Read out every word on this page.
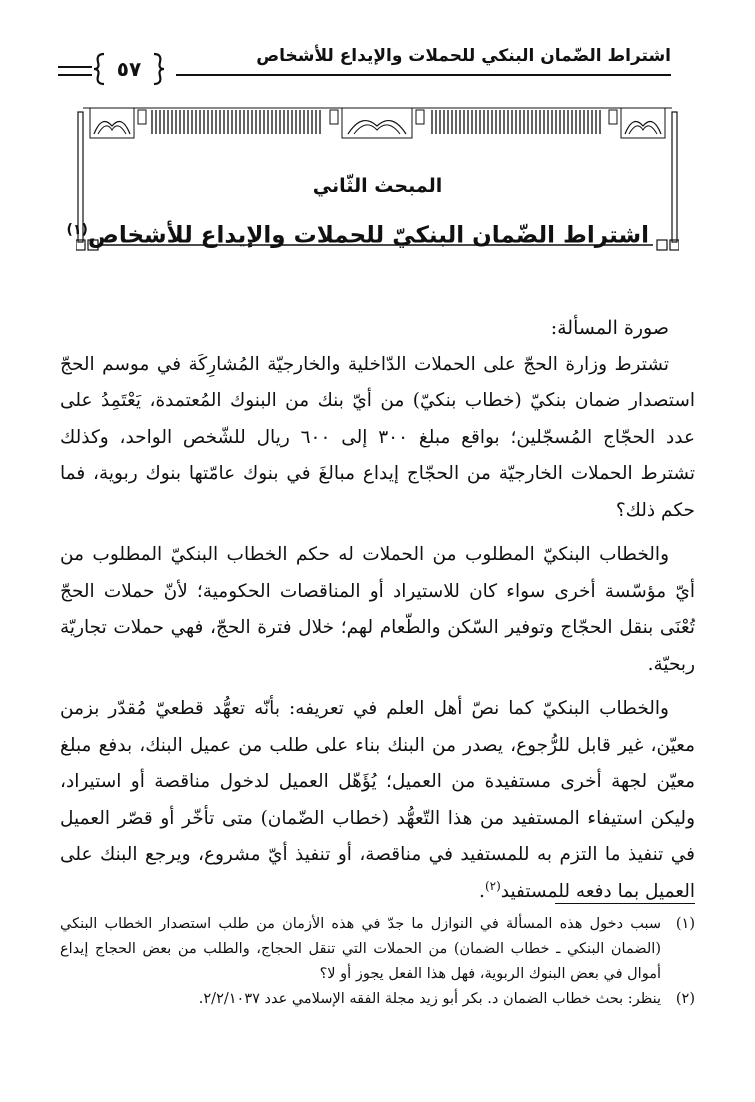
اشتراط الضّمان البنكي للحملات والإيداع للأشخاص
٥٧
المبحث الثّاني
اشتراط الضّمان البنكيّ للحملات والإيداع للأشخاص$^{(١)}$

صورة المسألة:

تشترط وزارة الحجّ على الحملات الدّاخلية والخارجيّة المُشارِكَة في موسم الحجّ استصدار ضمان بنكيّ (خطاب بنكيّ) من أيّ بنك من البنوك المُعتمدة، يَعْتَمِدُ على عدد الحجّاج المُسجّلين؛ بواقع مبلغ ٣٠٠ إلى ٦٠٠ ريال للشّخص الواحد، وكذلك تشترط الحملات الخارجيّة من الحجّاج إيداع مبالغَ في بنوك عامّتها بنوك ربوية، فما حكم ذلك؟

والخطاب البنكيّ المطلوب من الحملات له حكم الخطاب البنكيّ المطلوب من أيّ مؤسّسة أخرى سواء كان للاستيراد أو المناقصات الحكومية؛ لأنّ حملات الحجّ تُعْنَى بنقل الحجّاج وتوفير السّكن والطّعام لهم؛ خلال فترة الحجّ، فهي حملات تجاريّة ربحيّة.

والخطاب البنكيّ كما نصّ أهل العلم في تعريفه: بأنّه تعهُّد قطعيّ مُقدّر بزمن معيّن، غير قابل للرُّجوع، يصدر من البنك بناء على طلب من عميل البنك، بدفع مبلغ معيّن لجهة أخرى مستفيدة من العميل؛ يُؤَهّل العميل لدخول مناقصة أو استيراد، وليكن استيفاء المستفيد من هذا التّعهُّد (خطاب الضّمان) متى تأخّر أو قصّر العميل في تنفيذ ما التزم به للمستفيد في مناقصة، أو تنفيذ أيّ مشروع، ويرجع البنك على العميل بما دفعه للمستفيد$^{(٢)}$.

(١)
سبب دخول هذه المسألة في النوازل ما جدّ في هذه الأزمان من طلب استصدار الخطاب البنكي (الضمان البنكي ـ خطاب الضمان) من الحملات التي تنقل الحجاج، والطلب من بعض الحجاج إيداع أموال في بعض البنوك الربوية، فهل هذا الفعل يجوز أو لا؟
(٢)
ينظر: بحث خطاب الضمان د. بكر أبو زيد مجلة الفقه الإسلامي عدد ٢/٢/١٠٣٧.
